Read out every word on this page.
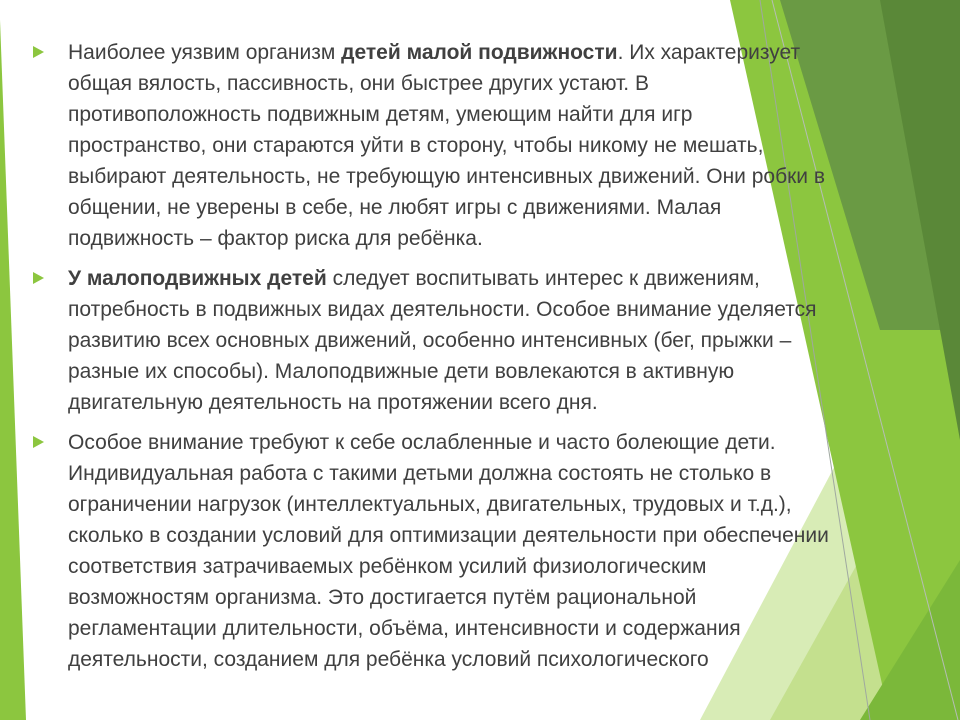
Наиболее уязвим организм детей малой подвижности. Их характеризует общая вялость, пассивность, они быстрее других устают. В противоположность подвижным детям, умеющим найти для игр пространство, они стараются уйти в сторону, чтобы никому не мешать, выбирают деятельность, не требующую интенсивных движений. Они робки в общении, не уверены в себе, не любят игры с движениями. Малая подвижность – фактор риска для ребёнка.

У малоподвижных детей следует воспитывать интерес к движениям, потребность в подвижных видах деятельности. Особое внимание уделяется развитию всех основных движений, особенно интенсивных (бег, прыжки – разные их способы). Малоподвижные дети вовлекаются в активную двигательную деятельность на протяжении всего дня.

Особое внимание требуют к себе ослабленные и часто болеющие дети. Индивидуальная работа с такими детьми должна состоять не столько в ограничении нагрузок (интеллектуальных, двигательных, трудовых и т.д.), сколько в создании условий для оптимизации деятельности при обеспечении соответствия затрачиваемых ребёнком усилий физиологическим возможностям организма. Это достигается путём рациональной регламентации длительности, объёма, интенсивности и содержания деятельности, созданием для ребёнка условий психологического
